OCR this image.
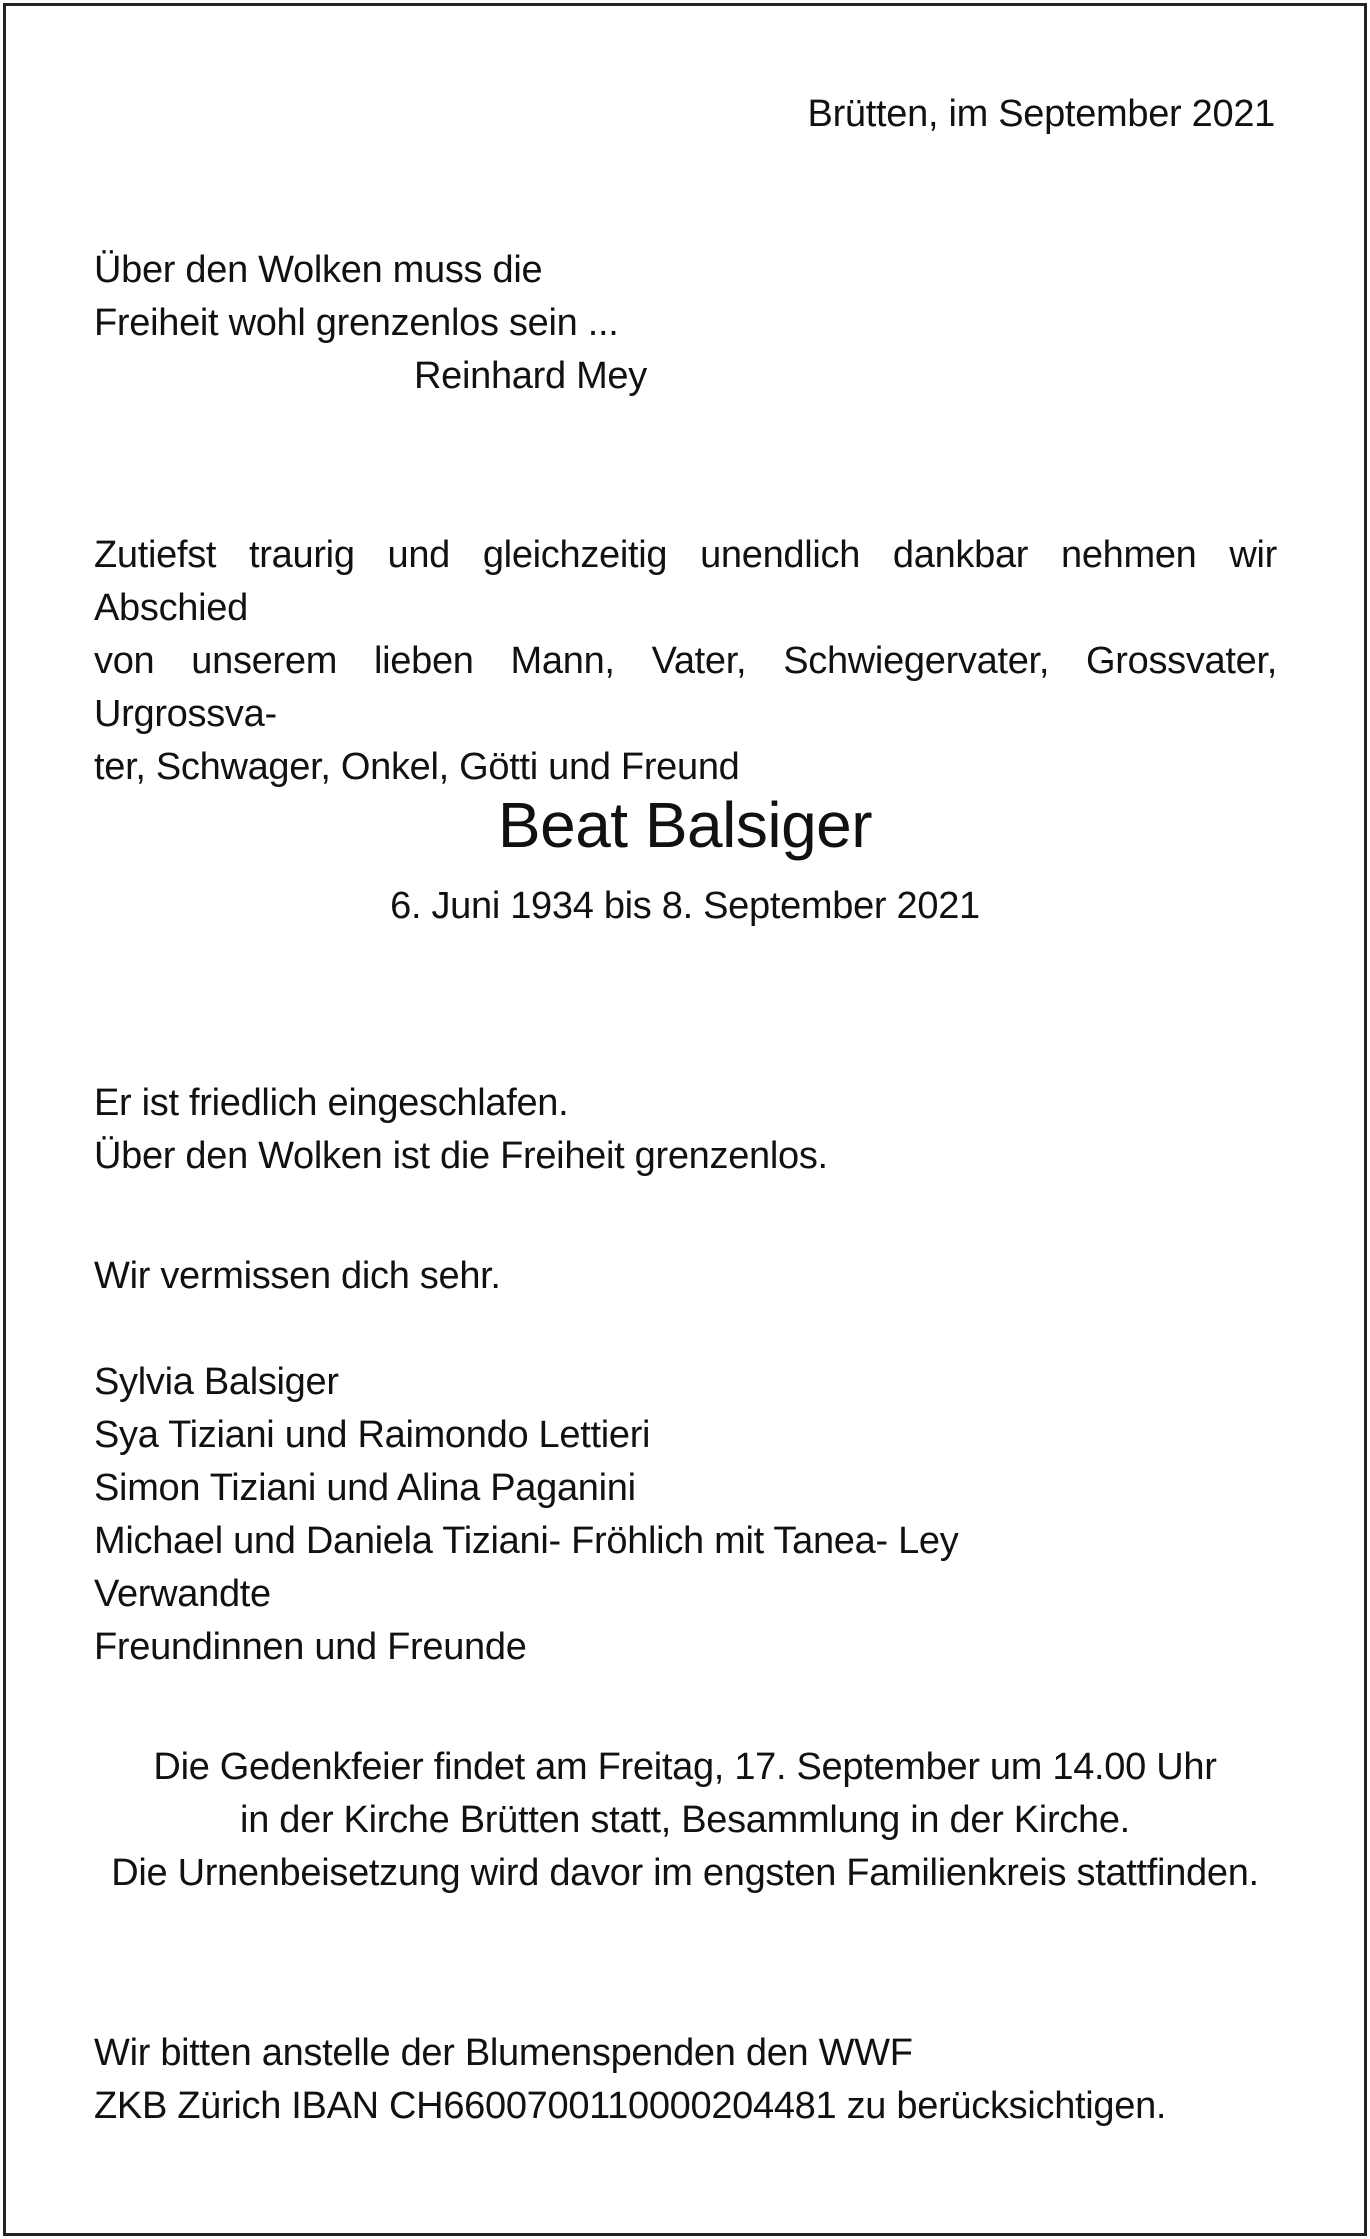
Brütten, im September 2021
Über den Wolken muss die
Freiheit wohl grenzenlos sein ...
Reinhard Mey
Zutiefst traurig und gleichzeitig unendlich dankbar nehmen wir Abschied
von unserem lieben Mann, Vater, Schwiegervater, Grossvater, Urgrossva-
ter, Schwager, Onkel, Götti und Freund
Beat Balsiger
6. Juni 1934 bis 8. September 2021
Er ist friedlich eingeschlafen.
Über den Wolken ist die Freiheit grenzenlos.
Wir vermissen dich sehr.
Sylvia Balsiger
Sya Tiziani und Raimondo Lettieri
Simon Tiziani und Alina Paganini
Michael und Daniela Tiziani- Fröhlich mit Tanea- Ley
Verwandte
Freundinnen und Freunde
Die Gedenkfeier findet am Freitag, 17. September um 14.00 Uhr
in der Kirche Brütten statt, Besammlung in der Kirche.
Die Urnenbeisetzung wird davor im engsten Familienkreis stattfinden.
Wir bitten anstelle der Blumenspenden den WWF
ZKB Zürich IBAN CH6600700110000204481 zu berücksichtigen.
